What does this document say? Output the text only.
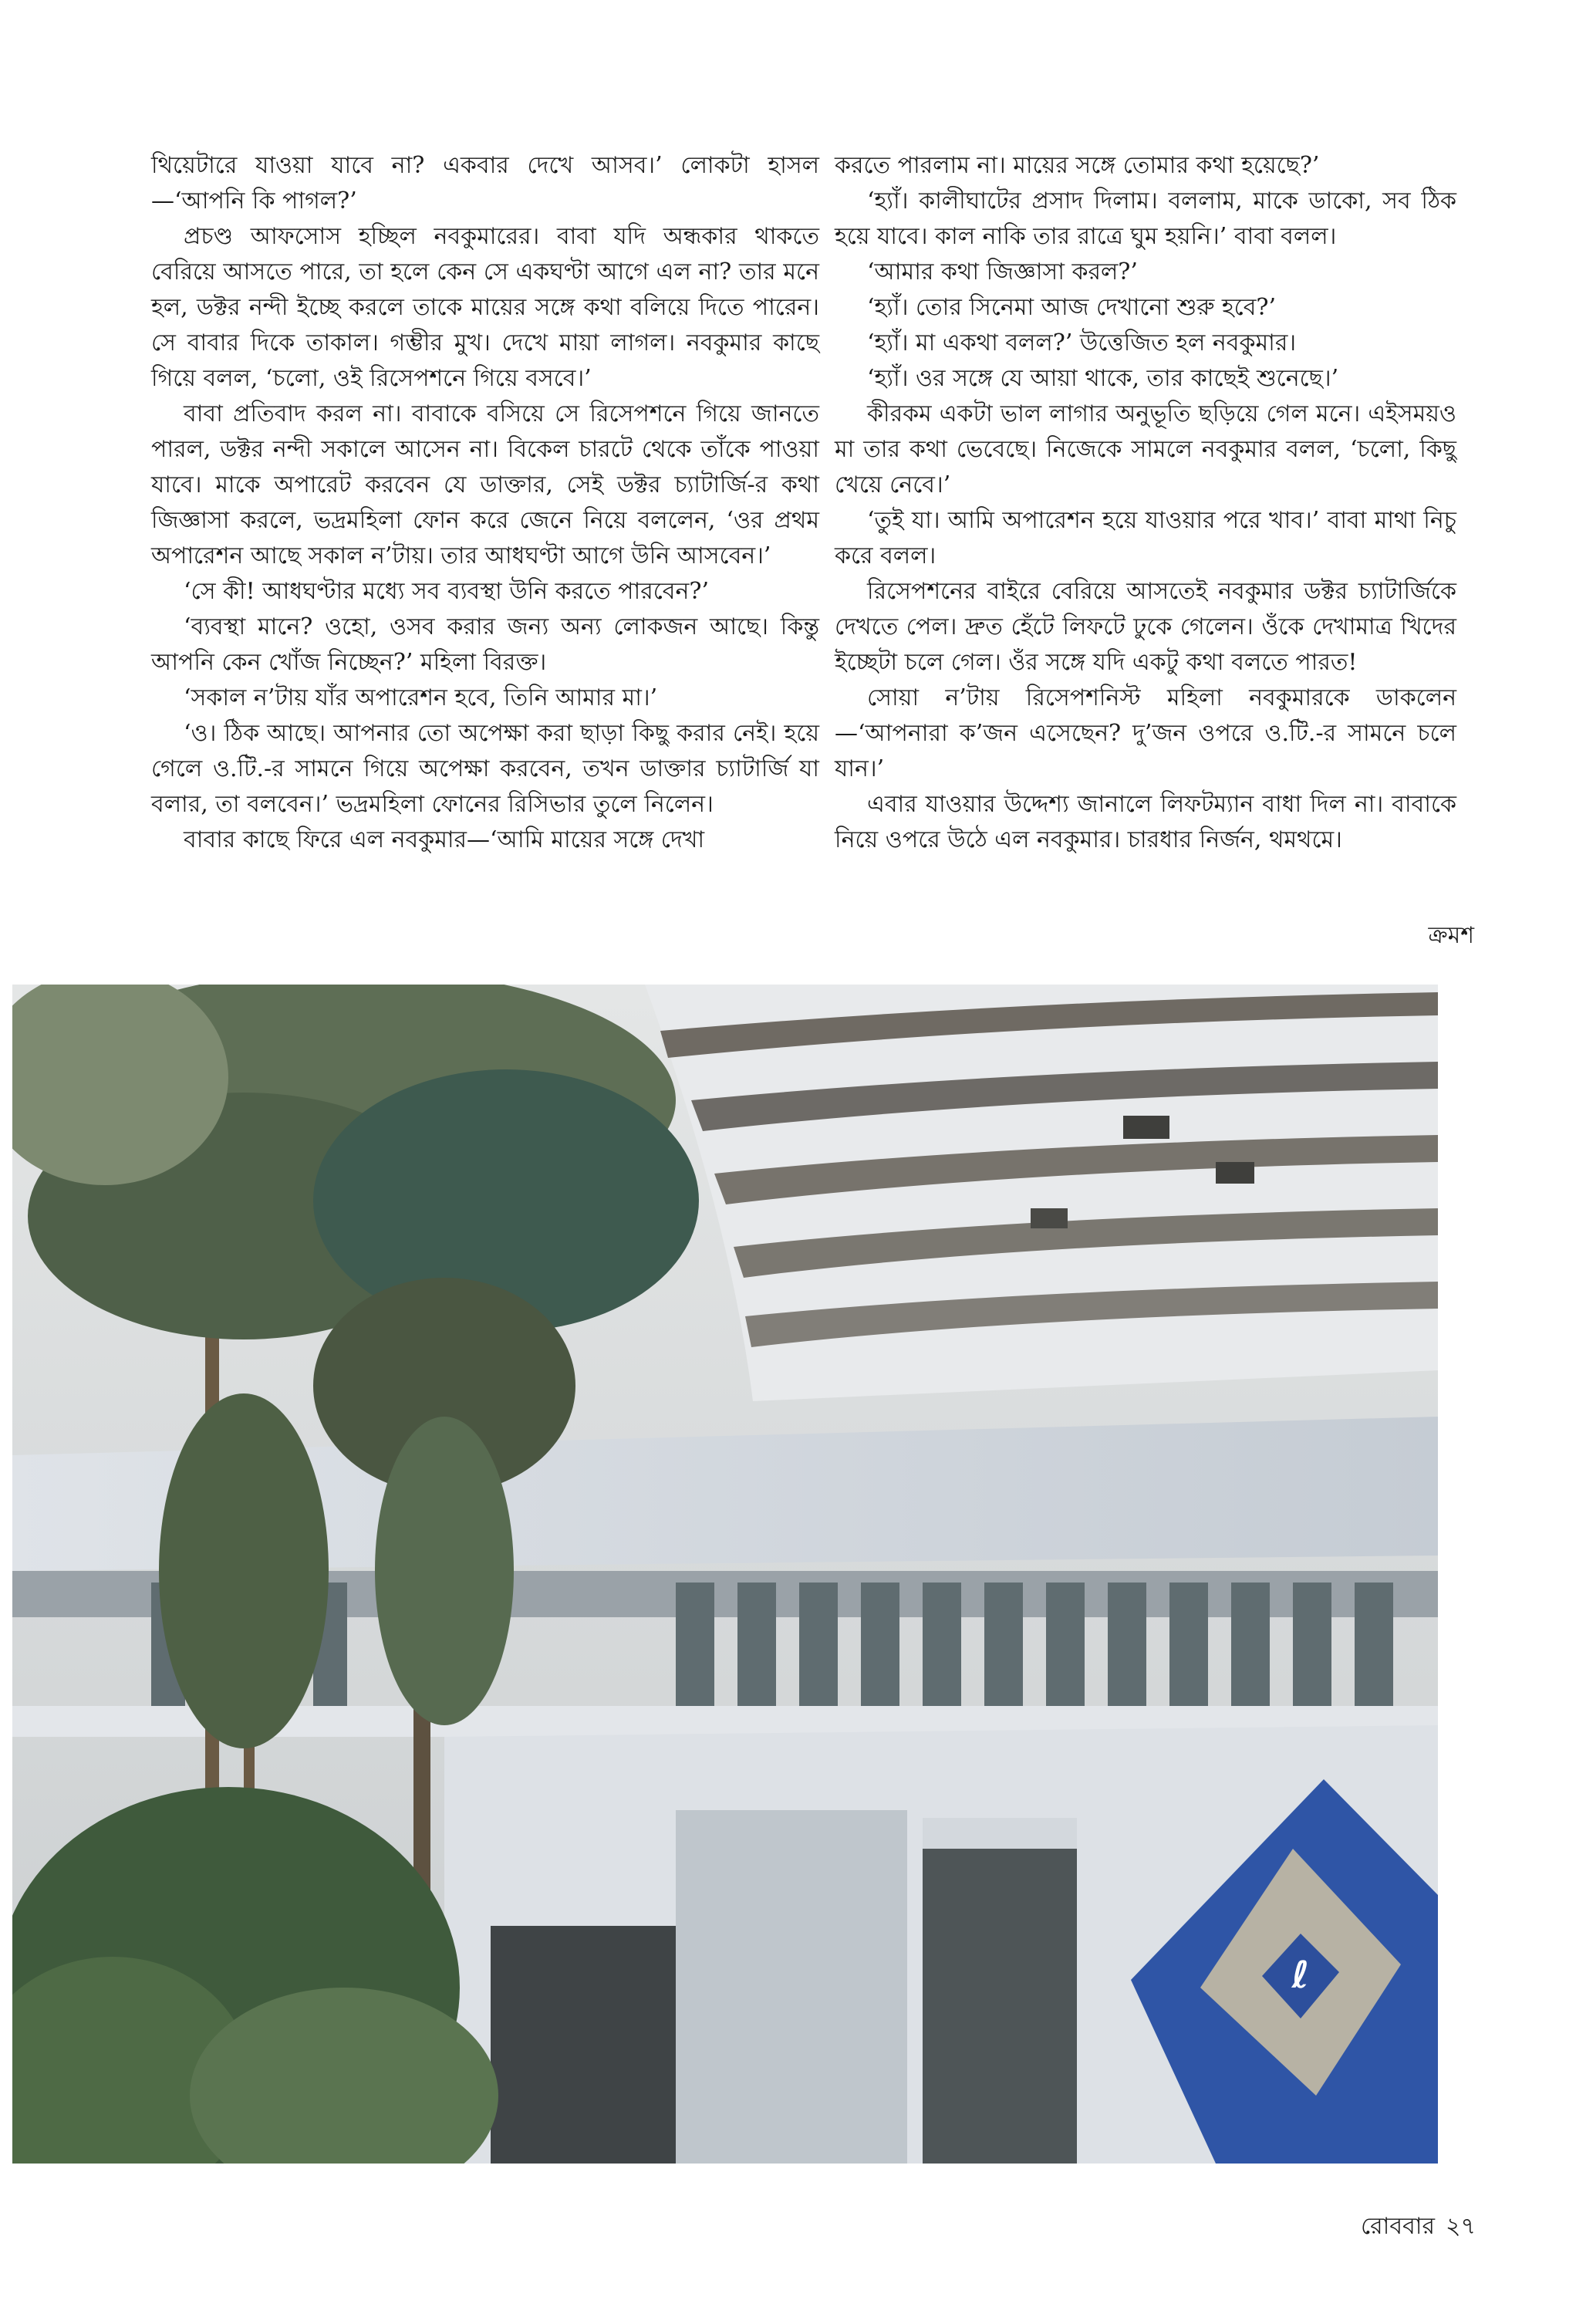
থিয়েটারে যাওয়া যাবে না? একবার দেখে আসব।’ লোকটা হাসল—‘আপনি কি পাগল?’

প্রচণ্ড আফসোস হচ্ছিল নবকুমারের। বাবা যদি অন্ধকার থাকতে বেরিয়ে আসতে পারে, তা হলে কেন সে একঘণ্টা আগে এল না? তার মনে হল, ডক্টর নন্দী ইচ্ছে করলে তাকে মায়ের সঙ্গে কথা বলিয়ে দিতে পারেন। সে বাবার দিকে তাকাল। গম্ভীর মুখ। দেখে মায়া লাগল। নবকুমার কাছে গিয়ে বলল, ‘চলো, ওই রিসেপশনে গিয়ে বসবে।’

বাবা প্রতিবাদ করল না। বাবাকে বসিয়ে সে রিসেপশনে গিয়ে জানতে পারল, ডক্টর নন্দী সকালে আসেন না। বিকেল চারটে থেকে তাঁকে পাওয়া যাবে। মাকে অপারেট করবেন যে ডাক্তার, সেই ডক্টর চ্যাটার্জি-র কথা জিজ্ঞাসা করলে, ভদ্রমহিলা ফোন করে জেনে নিয়ে বললেন, ‘ওর প্রথম অপারেশন আছে সকাল ন’টায়। তার আধঘণ্টা আগে উনি আসবেন।’

‘সে কী! আধঘণ্টার মধ্যে সব ব্যবস্থা উনি করতে পারবেন?’

‘ব্যবস্থা মানে? ওহো, ওসব করার জন্য অন্য লোকজন আছে। কিন্তু আপনি কেন খোঁজ নিচ্ছেন?’ মহিলা বিরক্ত।

‘সকাল ন’টায় যাঁর অপারেশন হবে, তিনি আমার মা।’

‘ও। ঠিক আছে। আপনার তো অপেক্ষা করা ছাড়া কিছু করার নেই। হয়ে গেলে ও.টি.-র সামনে গিয়ে অপেক্ষা করবেন, তখন ডাক্তার চ্যাটার্জি যা বলার, তা বলবেন।’ ভদ্রমহিলা ফোনের রিসিভার তুলে নিলেন।

বাবার কাছে ফিরে এল নবকুমার—‘আমি মায়ের সঙ্গে দেখা

করতে পারলাম না। মায়ের সঙ্গে তোমার কথা হয়েছে?’

‘হ্যাঁ। কালীঘাটের প্রসাদ দিলাম। বললাম, মাকে ডাকো, সব ঠিক হয়ে যাবে। কাল নাকি তার রাত্রে ঘুম হয়নি।’ বাবা বলল।

‘আমার কথা জিজ্ঞাসা করল?’

‘হ্যাঁ। তোর সিনেমা আজ দেখানো শুরু হবে?’

‘হ্যাঁ। মা একথা বলল?’ উত্তেজিত হল নবকুমার।

‘হ্যাঁ। ওর সঙ্গে যে আয়া থাকে, তার কাছেই শুনেছে।’

কীরকম একটা ভাল লাগার অনুভূতি ছড়িয়ে গেল মনে। এইসময়ও মা তার কথা ভেবেছে। নিজেকে সামলে নবকুমার বলল, ‘চলো, কিছু খেয়ে নেবে।’

‘তুই যা। আমি অপারেশন হয়ে যাওয়ার পরে খাব।’ বাবা মাথা নিচু করে বলল।

রিসেপশনের বাইরে বেরিয়ে আসতেই নবকুমার ডক্টর চ্যাটার্জিকে দেখতে পেল। দ্রুত হেঁটে লিফটে ঢুকে গেলেন। ওঁকে দেখামাত্র খিদের ইচ্ছেটা চলে গেল। ওঁর সঙ্গে যদি একটু কথা বলতে পারত!

সোয়া ন’টায় রিসেপশনিস্ট মহিলা নবকুমারকে ডাকলেন—‘আপনারা ক’জন এসেছেন? দু’জন ওপরে ও.টি.-র সামনে চলে যান।’

এবার যাওয়ার উদ্দেশ্য জানালে লিফটম্যান বাধা দিল না। বাবাকে নিয়ে ওপরে উঠে এল নবকুমার। চারধার নির্জন, থমথমে।

ক্রমশ
ℓ
রোববার ২৭
